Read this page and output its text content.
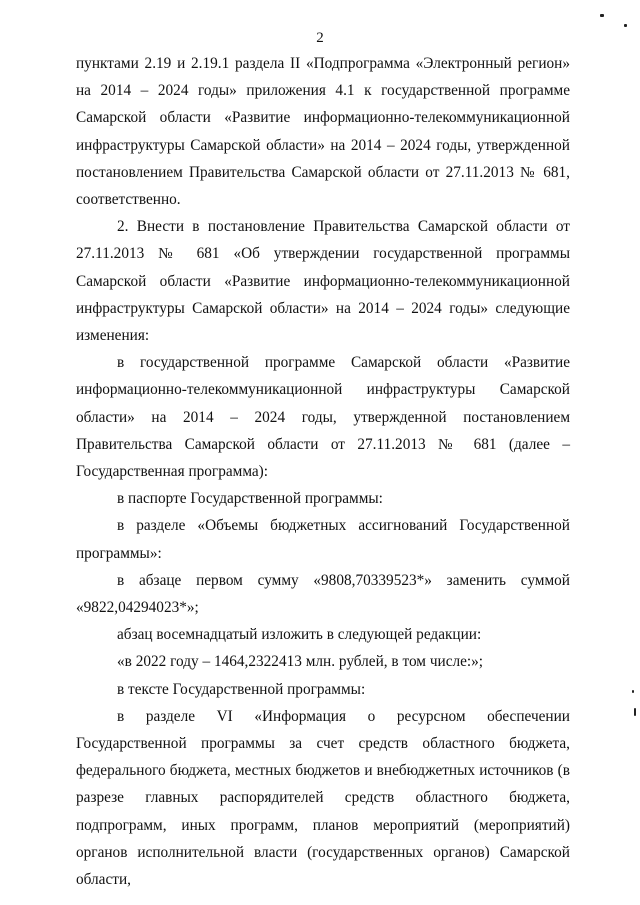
2

пунктами 2.19 и 2.19.1 раздела II «Подпрограмма «Электронный регион» на 2014 – 2024 годы» приложения 4.1 к государственной программе Самарской области «Развитие информационно-телекоммуникационной инфраструктуры Самарской области» на 2014 – 2024 годы, утвержденной постановлением Правительства Самарской области от 27.11.2013 № 681, соответственно.

2. Внести в постановление Правительства Самарской области от 27.11.2013 № 681 «Об утверждении государственной программы Самарской области «Развитие информационно-телекоммуникационной инфраструктуры Самарской области» на 2014 – 2024 годы» следующие изменения:

в государственной программе Самарской области «Развитие информационно-телекоммуникационной инфраструктуры Самарской области» на 2014 – 2024 годы, утвержденной постановлением Правительства Самарской области от 27.11.2013 № 681 (далее – Государственная программа):

в паспорте Государственной программы:

в разделе «Объемы бюджетных ассигнований Государственной программы»:

в абзаце первом сумму «9808,70339523*» заменить суммой «9822,04294023*»;

абзац восемнадцатый изложить в следующей редакции:

«в 2022 году – 1464,2322413 млн. рублей, в том числе:»;

в тексте Государственной программы:

в разделе VI «Информация о ресурсном обеспечении Государственной программы за счет средств областного бюджета, федерального бюджета, местных бюджетов и внебюджетных источников (в разрезе главных распорядителей средств областного бюджета, подпрограмм, иных программ, планов мероприятий (мероприятий) органов исполнительной власти (государственных органов) Самарской области,
